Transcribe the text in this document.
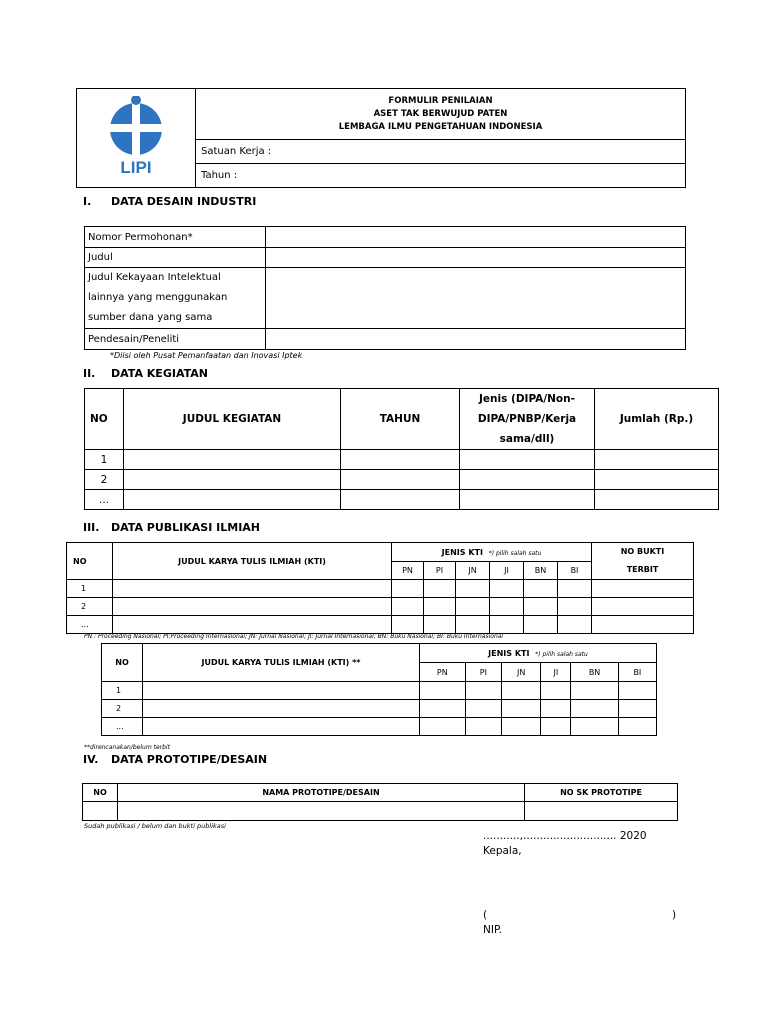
LIPI

FORMULIR PENILAIAN
ASET TAK BERWUJUD PATEN
LEMBAGA ILMU PENGETAHUAN INDONESIA

Satuan Kerja :
Tahun :
I. DATA DESAIN INDUSTRI
Nomor Permohonan*	
Judul	

Judul Kekayaan Intelektual
lainnya yang menggunakan
sumber dana yang sama	

Pendesain/Peneliti	
*Diisi oleh Pusat Pemanfaatan dan Inovasi Iptek
II. DATA KEGIATAN
NO	JUDUL KEGIATAN	TAHUN	Jenis (DIPA/Non-
DIPA/PNBP/Kerja
sama/dll)	Jumlah (Rp.)
1				
2				
...				
III. DATA PUBLIKASI ILMIAH
NO	JUDUL KARYA TULIS ILMIAH (KTI)	JENIS KTI *) pilih salah satu						NO BUKTI
TERBIT

		PN	PI	JN	JI	BN	BI	
1								
2								
...								
PN : Proceeding Nasional; PI:Proceeding Internasional; JN: Jurnal Nasional; JI: Jurnal Internasional; BN: Buku Nasional; BI: Buku Internasional
NO	JUDUL KARYA TULIS ILMIAH (KTI) **	JENIS KTI *) pilih salah satu					
		PN	PI	JN	JI	BN	BI
1							
2							
...							
**direncanakan/belum terbit
IV. DATA PROTOTIPE/DESAIN
NO	NAMA PROTOTIPE/DESAIN	NO SK PROTOTIPE

Sudah publikasi / belum dan bukti publikasi
...........,............................ 2020
Kepala,
(	)
NIP.
